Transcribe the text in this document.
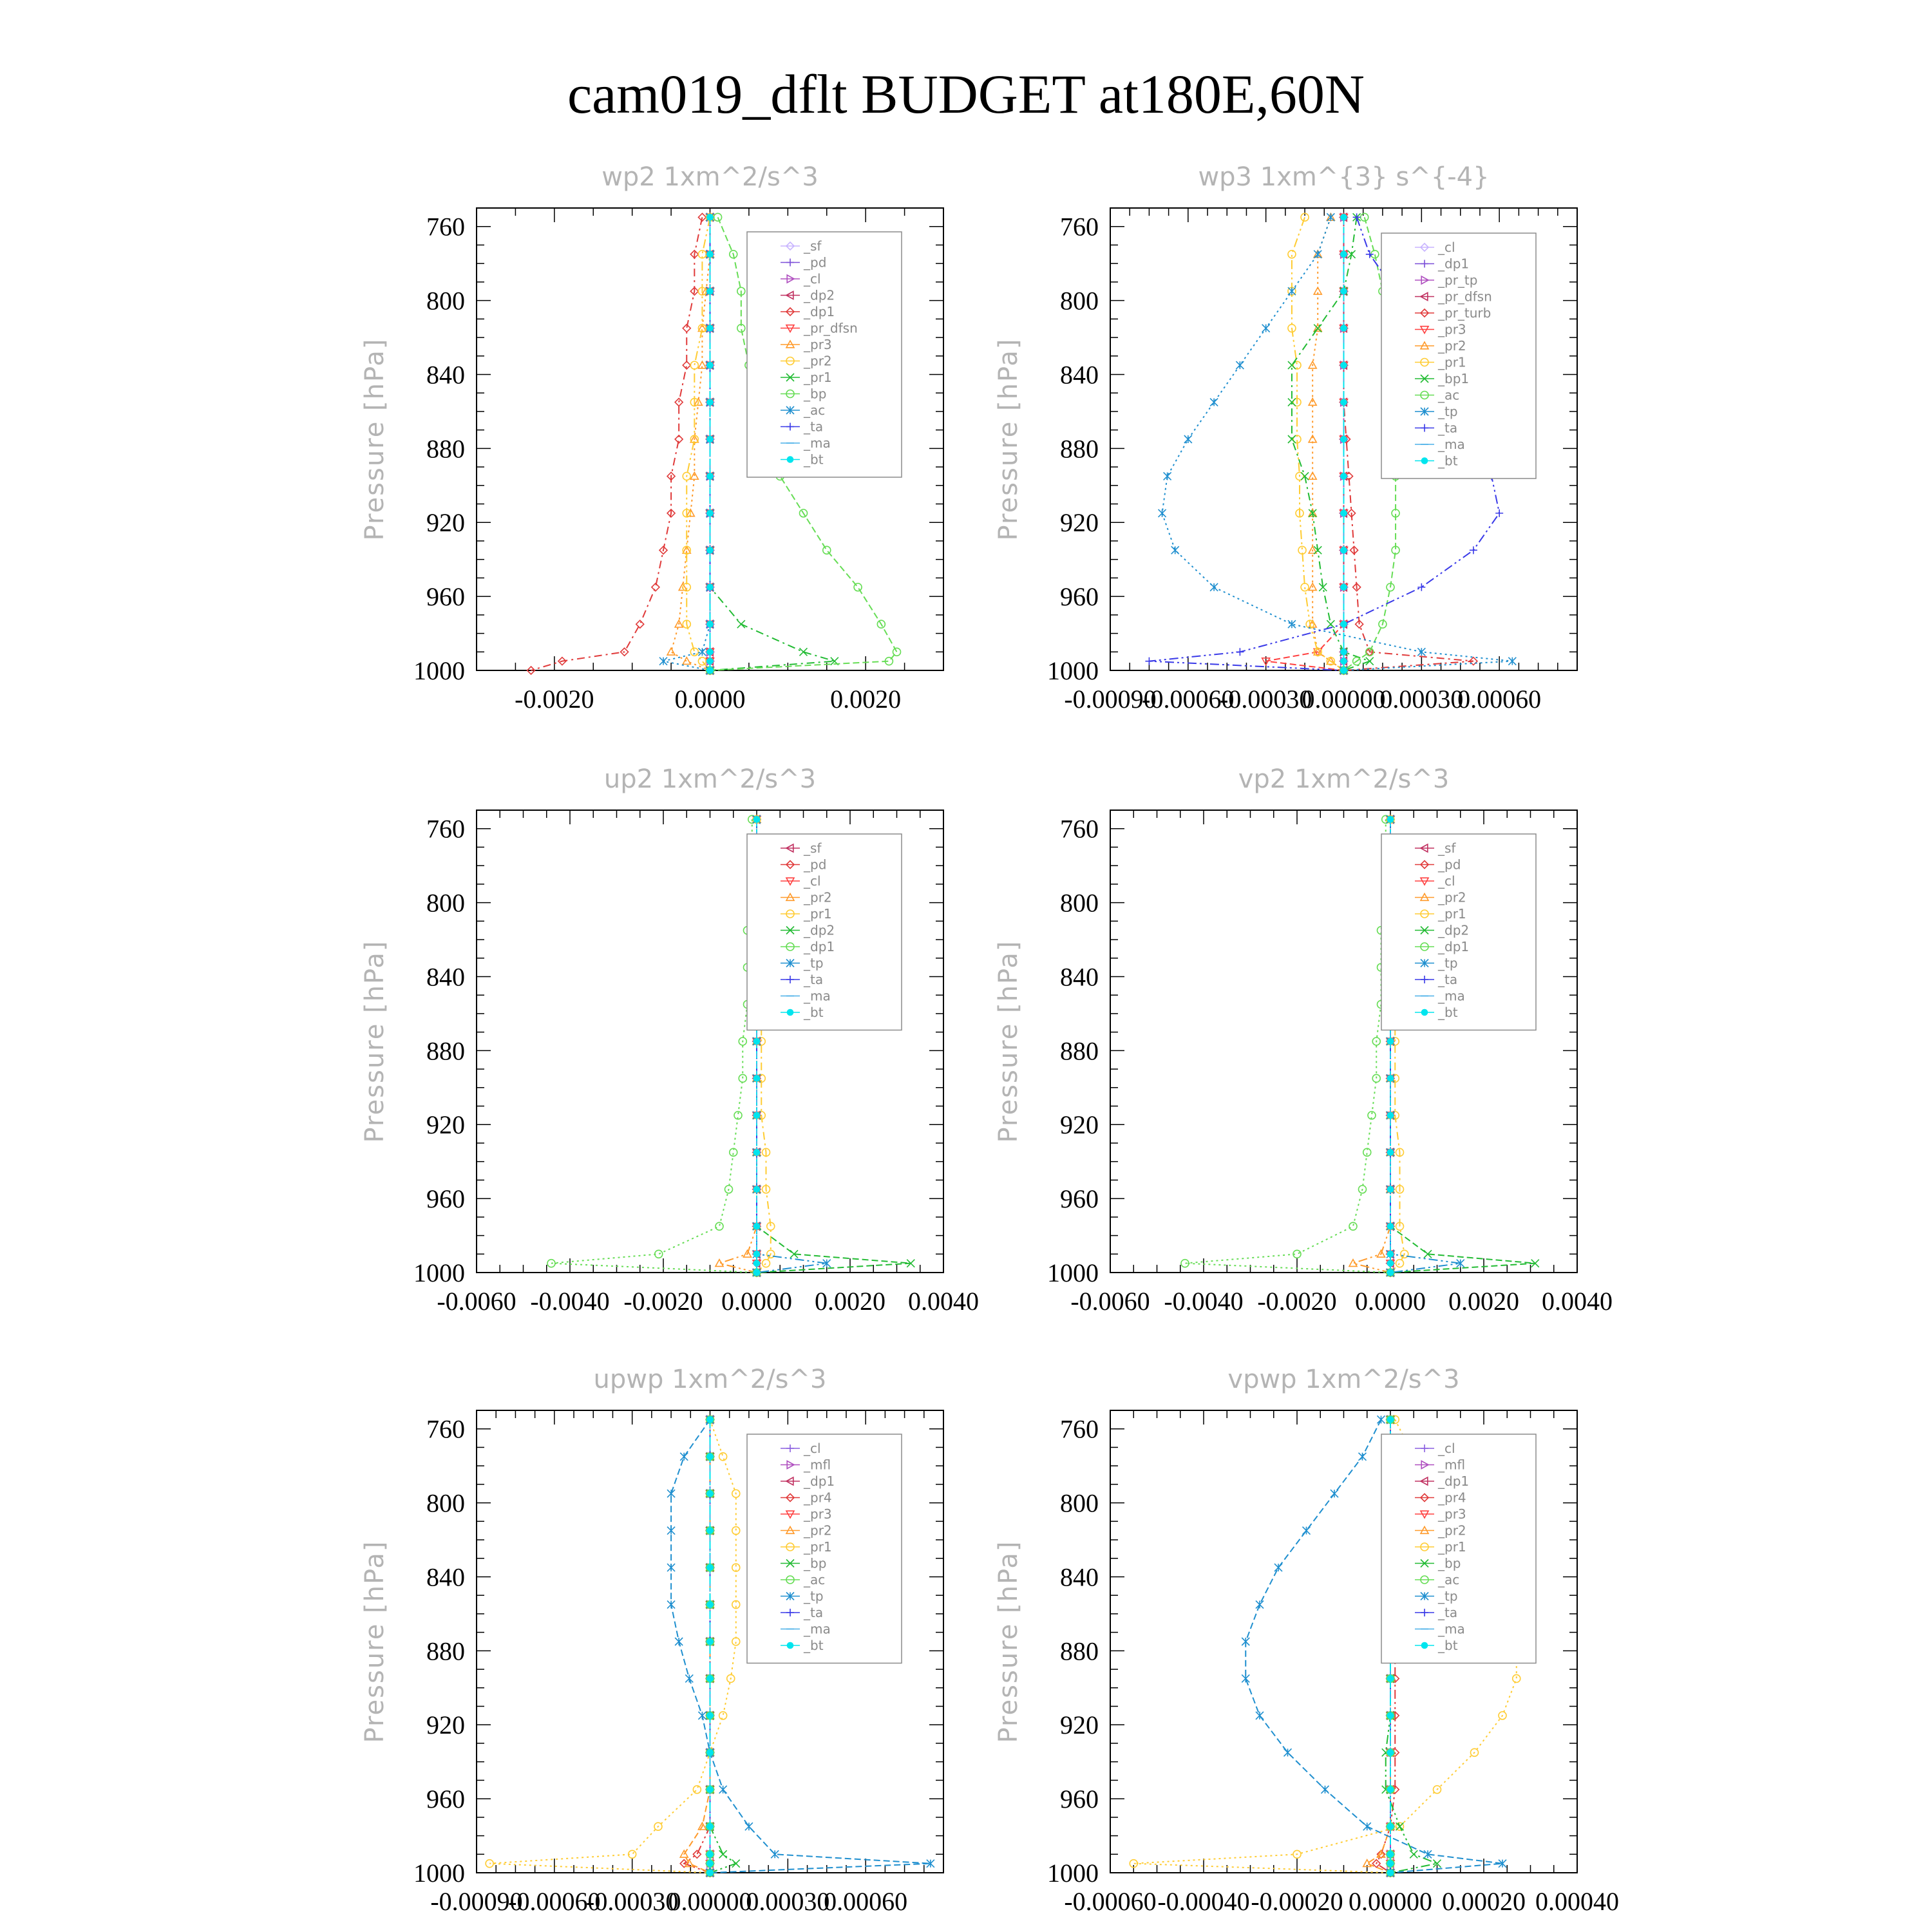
cam019_dflt BUDGET at180E,60N
wp2 1xm^2/s^3
Pressure [hPa]
760
800
840
880
920
960
1000
-0.0020	0.0000	0.0020
_sf
_pd
_cl
_dp2
_dp1
_pr_dfsn
_pr3
_pr2
_pr1
_bp
_ac
_ta
_ma
_bt
wp3 1xm^{3} s^{-4}
Pressure [hPa]
760
800
840
880
920
960
1000
-0.00090
-0.00060
-0.00030
0.00000
0.00030
0.00060
_cl
_dp1
_pr_tp
_pr_dfsn
_pr_turb
_pr3
_pr2
_pr1
_bp1
_ac
_tp
_ta
_ma
_bt
up2 1xm^2/s^3
Pressure [hPa]
760
800
840
880
920
960
1000
-0.0060 -0.0040 -0.0020 0.0000 0.0020 0.0040
_sf
_pd
_cl
_pr2
_pr1
_dp2
_dp1
_tp
_ta
_ma
_bt
vp2 1xm^2/s^3
Pressure [hPa]
760
800
840
880
920
960
1000
-0.0060 -0.0040 -0.0020 0.0000 0.0020 0.0040
_sf
_pd
_cl
_pr2
_pr1
_dp2
_dp1
_tp
_ta
_ma
_bt
upwp 1xm^2/s^3
Pressure [hPa]
760
800
840
880
920
960
1000
-0.00090
-0.00060
-0.00030
0.00000
0.00030
0.00060
_cl
_mfl
_dp1
_pr4
_pr3
_pr2
_pr1
_bp
_ac
_tp
_ta
_ma
_bt
vpwp 1xm^2/s^3
Pressure [hPa]
760
800
840
880
920
960
1000
-0.00060 -0.00040 -0.00020 0.00000 0.00020 0.00040
_cl
_mfl
_dp1
_pr4
_pr3
_pr2
_pr1
_bp
_ac
_tp
_ta
_ma
_bt
